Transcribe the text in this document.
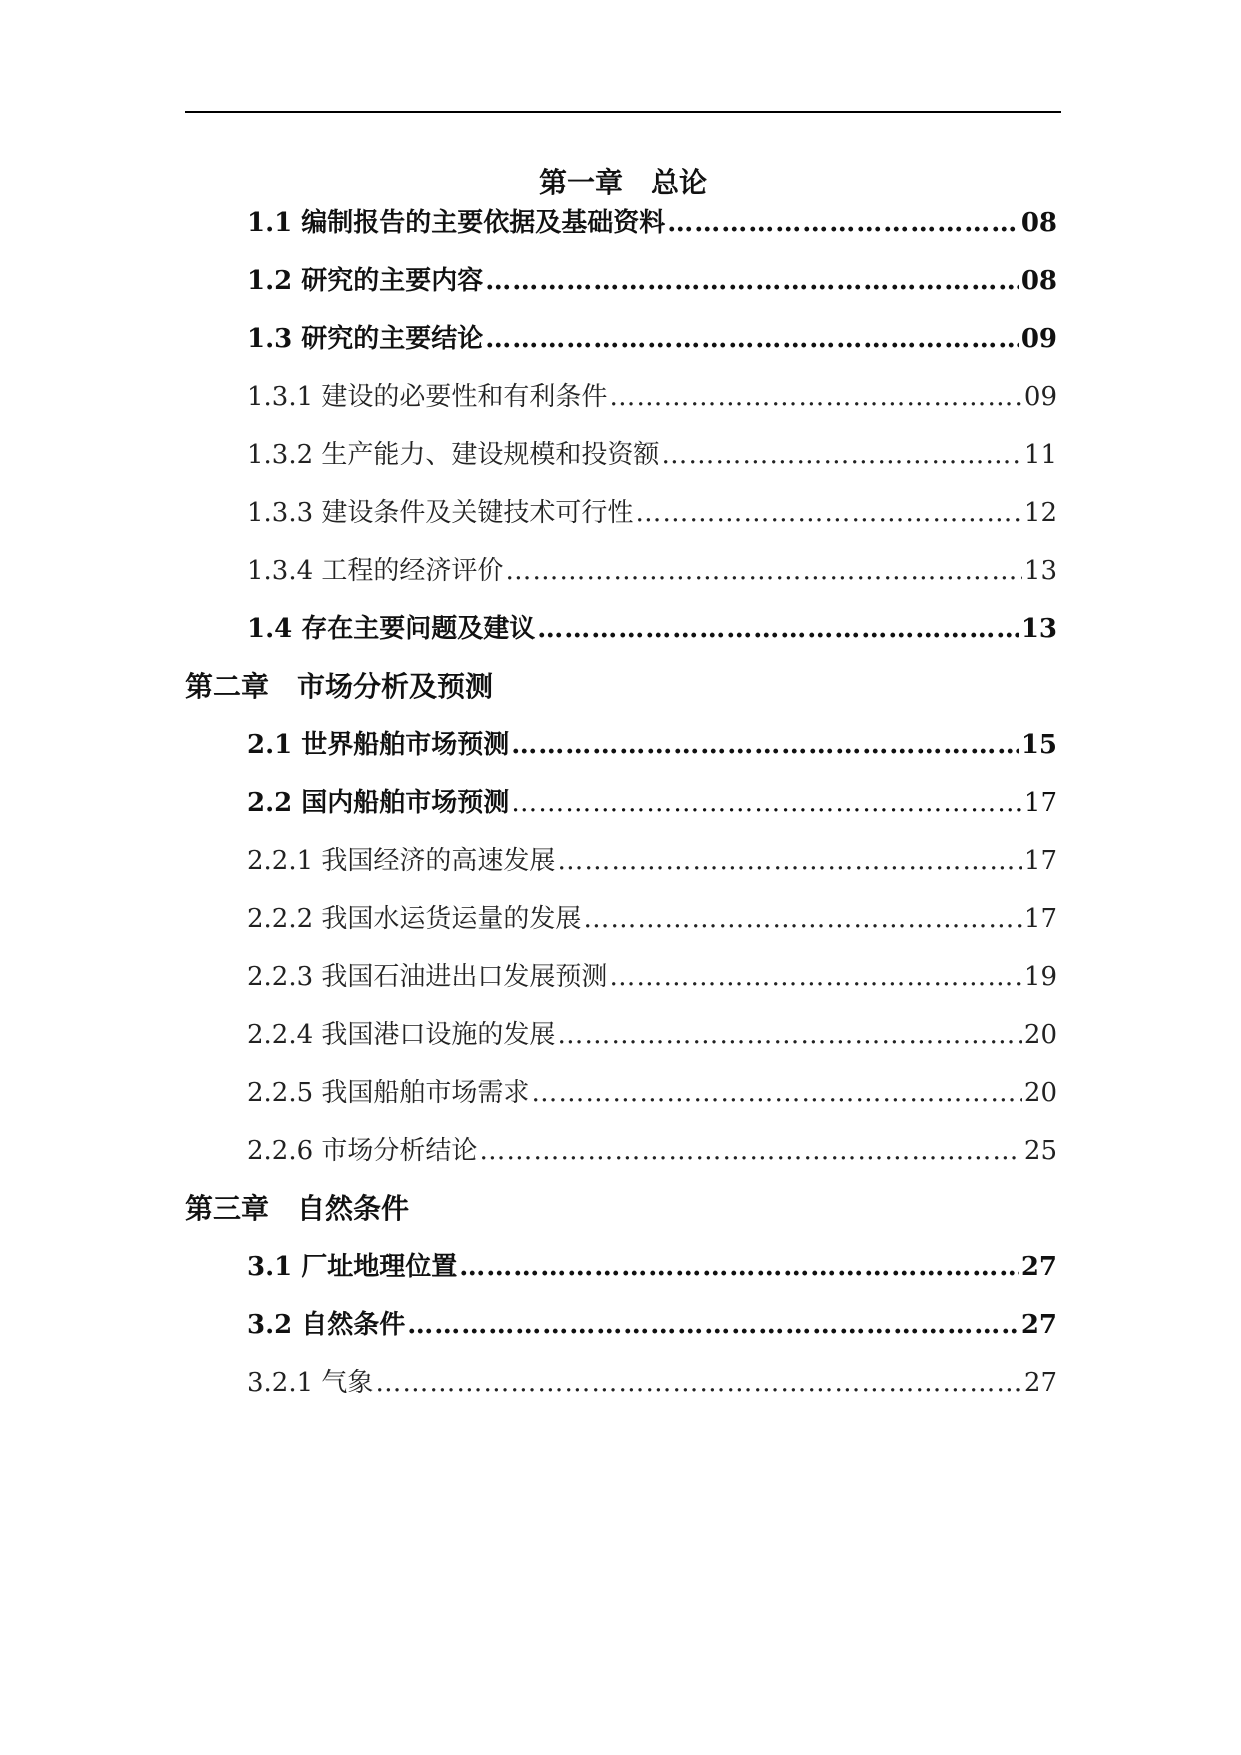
第一章　总论
1.1 编制报告的主要依据及基础资料 …………………………………………………………………………………………………………………………………………………………	08
1.2 研究的主要内容 …………………………………………………………………………………………………………………………………………………………	08
1.3 研究的主要结论 …………………………………………………………………………………………………………………………………………………………	09
1.3.1 建设的必要性和有利条件 …………………………………………………………………………………………………………………………………………………………	09
1.3.2 生产能力、建设规模和投资额 …………………………………………………………………………………………………………………………………………………………	11
1.3.3 建设条件及关键技术可行性 …………………………………………………………………………………………………………………………………………………………	12
1.3.4 工程的经济评价 …………………………………………………………………………………………………………………………………………………………	13
1.4 存在主要问题及建议 …………………………………………………………………………………………………………………………………………………………	13
第二章　市场分析及预测
2.1 世界船舶市场预测 …………………………………………………………………………………………………………………………………………………………	15
2.2 国内船舶市场预测 …………………………………………………………………………………………………………………………………………………………	17
2.2.1 我国经济的高速发展 …………………………………………………………………………………………………………………………………………………………	17
2.2.2 我国水运货运量的发展 …………………………………………………………………………………………………………………………………………………………	17
2.2.3 我国石油进出口发展预测 …………………………………………………………………………………………………………………………………………………………	19
2.2.4 我国港口设施的发展 …………………………………………………………………………………………………………………………………………………………	20
2.2.5 我国船舶市场需求 …………………………………………………………………………………………………………………………………………………………	20
2.2.6 市场分析结论 …………………………………………………………………………………………………………………………………………………………	25
第三章　自然条件
3.1 厂址地理位置 …………………………………………………………………………………………………………………………………………………………	27
3.2 自然条件 …………………………………………………………………………………………………………………………………………………………	27
3.2.1 气象 …………………………………………………………………………………………………………………………………………………………	27
